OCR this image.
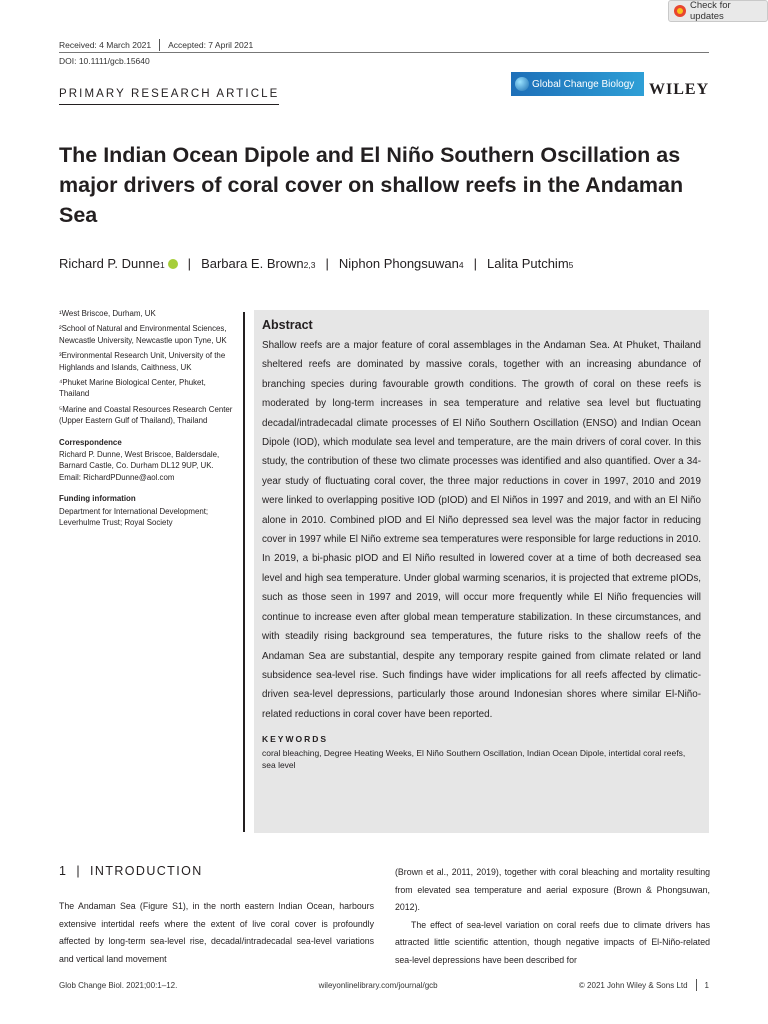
Check for updates
Received: 4 March 2021 Accepted: 7 April 2021
DOI: 10.1111/gcb.15640
PRIMARY RESEARCH ARTICLE
Global Change Biology WILEY
The Indian Ocean Dipole and El Niño Southern Oscillation as major drivers of coral cover on shallow reefs in the Andaman Sea
Richard P. Dunne 1 | Barbara E. Brown 2,3 | Niphon Phongsuwan 4 | Lalita Putchim 5

¹West Briscoe, Durham, UK

²School of Natural and Environmental Sciences, Newcastle University, Newcastle upon Tyne, UK

³Environmental Research Unit, University of the Highlands and Islands, Caithness, UK

⁴Phuket Marine Biological Center, Phuket, Thailand

⁵Marine and Coastal Resources Research Center (Upper Eastern Gulf of Thailand), Thailand

Correspondence
Richard P. Dunne, West Briscoe, Baldersdale, Barnard Castle, Co. Durham DL12 9UP, UK.
Email: RichardPDunne@aol.com
Funding information
Department for International Development; Leverhulme Trust; Royal Society
Abstract
Shallow reefs are a major feature of coral assemblages in the Andaman Sea. At Phuket, Thailand sheltered reefs are dominated by massive corals, together with an increasing abundance of branching species during favourable growth conditions. The growth of coral on these reefs is moderated by long-term increases in sea temperature and relative sea level but fluctuating decadal/intradecadal climate processes of El Niño Southern Oscillation (ENSO) and Indian Ocean Dipole (IOD), which modulate sea level and temperature, are the main drivers of coral cover. In this study, the contribution of these two climate processes was identified and also quantified. Over a 34-year study of fluctuating coral cover, the three major reductions in cover in 1997, 2010 and 2019 were linked to overlapping positive IOD (pIOD) and El Niños in 1997 and 2019, and with an El Niño alone in 2010. Combined pIOD and El Niño depressed sea level was the major factor in reducing cover in 1997 while El Niño extreme sea temperatures were responsible for large reductions in 2010. In 2019, a bi-phasic pIOD and El Niño resulted in lowered cover at a time of both decreased sea level and high sea temperature. Under global warming scenarios, it is projected that extreme pIODs, such as those seen in 1997 and 2019, will occur more frequently while El Niño frequencies will continue to increase even after global mean temperature stabilization. In these circumstances, and with steadily rising background sea temperatures, the future risks to the shallow reefs of the Andaman Sea are substantial, despite any temporary respite gained from climate related or land subsidence sea-level rise. Such findings have wider implications for all reefs affected by climatic-driven sea-level depressions, particularly those around Indonesian shores where similar El-Niño-related reductions in coral cover have been reported.
KEYWORDS
coral bleaching, Degree Heating Weeks, El Niño Southern Oscillation, Indian Ocean Dipole, intertidal coral reefs, sea level
1 | INTRODUCTION

The Andaman Sea (Figure S1), in the north eastern Indian Ocean, harbours extensive intertidal reefs where the extent of live coral cover is profoundly affected by long-term sea-level rise, decadal/intradecadal sea-level variations and vertical land movement

(Brown et al., 2011, 2019), together with coral bleaching and mortality resulting from elevated sea temperature and aerial exposure (Brown & Phongsuwan, 2012).

The effect of sea-level variation on coral reefs due to climate drivers has attracted little scientific attention, though negative impacts of El-Niño-related sea-level depressions have been described for

Glob Change Biol. 2021;00:1–12.	wileyonlinelibrary.com/journal/gcb	© 2021 John Wiley & Sons Ltd 1
